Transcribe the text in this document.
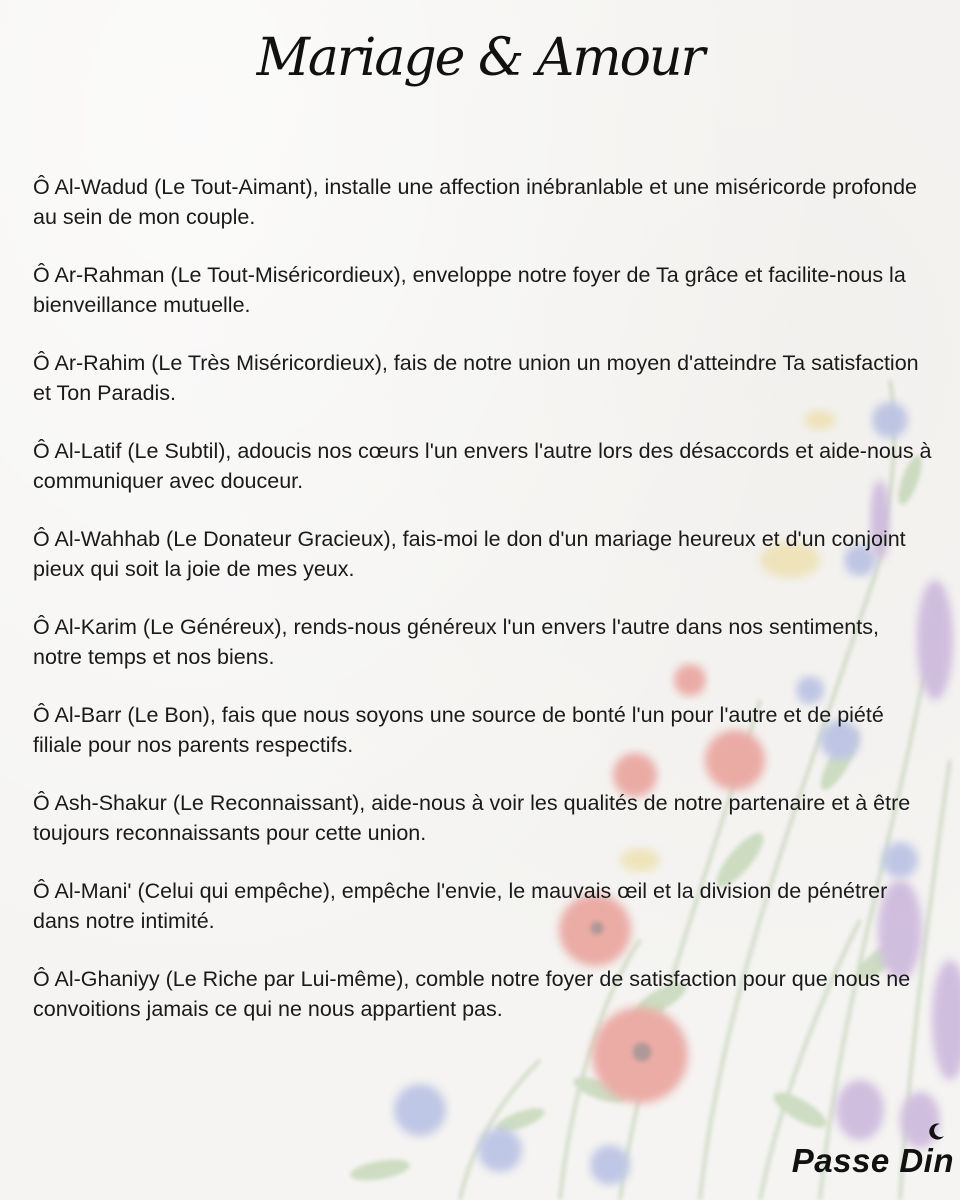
Mariage & Amour
Ô Al-Wadud (Le Tout-Aimant), installe une affection inébranlable et une miséricorde profonde au sein de mon couple.
Ô Ar-Rahman (Le Tout-Miséricordieux), enveloppe notre foyer de Ta grâce et facilite-nous la bienveillance mutuelle.
Ô Ar-Rahim (Le Très Miséricordieux), fais de notre union un moyen d'atteindre Ta satisfaction et Ton Paradis.
Ô Al-Latif (Le Subtil), adoucis nos cœurs l'un envers l'autre lors des désaccords et aide-nous à communiquer avec douceur.
Ô Al-Wahhab (Le Donateur Gracieux), fais-moi le don d'un mariage heureux et d'un conjoint pieux qui soit la joie de mes yeux.
Ô Al-Karim (Le Généreux), rends-nous généreux l'un envers l'autre dans nos sentiments, notre temps et nos biens.
Ô Al-Barr (Le Bon), fais que nous soyons une source de bonté l'un pour l'autre et de piété filiale pour nos parents respectifs.
Ô Ash-Shakur (Le Reconnaissant), aide-nous à voir les qualités de notre partenaire et à être toujours reconnaissants pour cette union.
Ô Al-Mani' (Celui qui empêche), empêche l'envie, le mauvais œil et la division de pénétrer dans notre intimité.
Ô Al-Ghaniyy (Le Riche par Lui-même), comble notre foyer de satisfaction pour que nous ne convoitions jamais ce qui ne nous appartient pas.
Passe Din
